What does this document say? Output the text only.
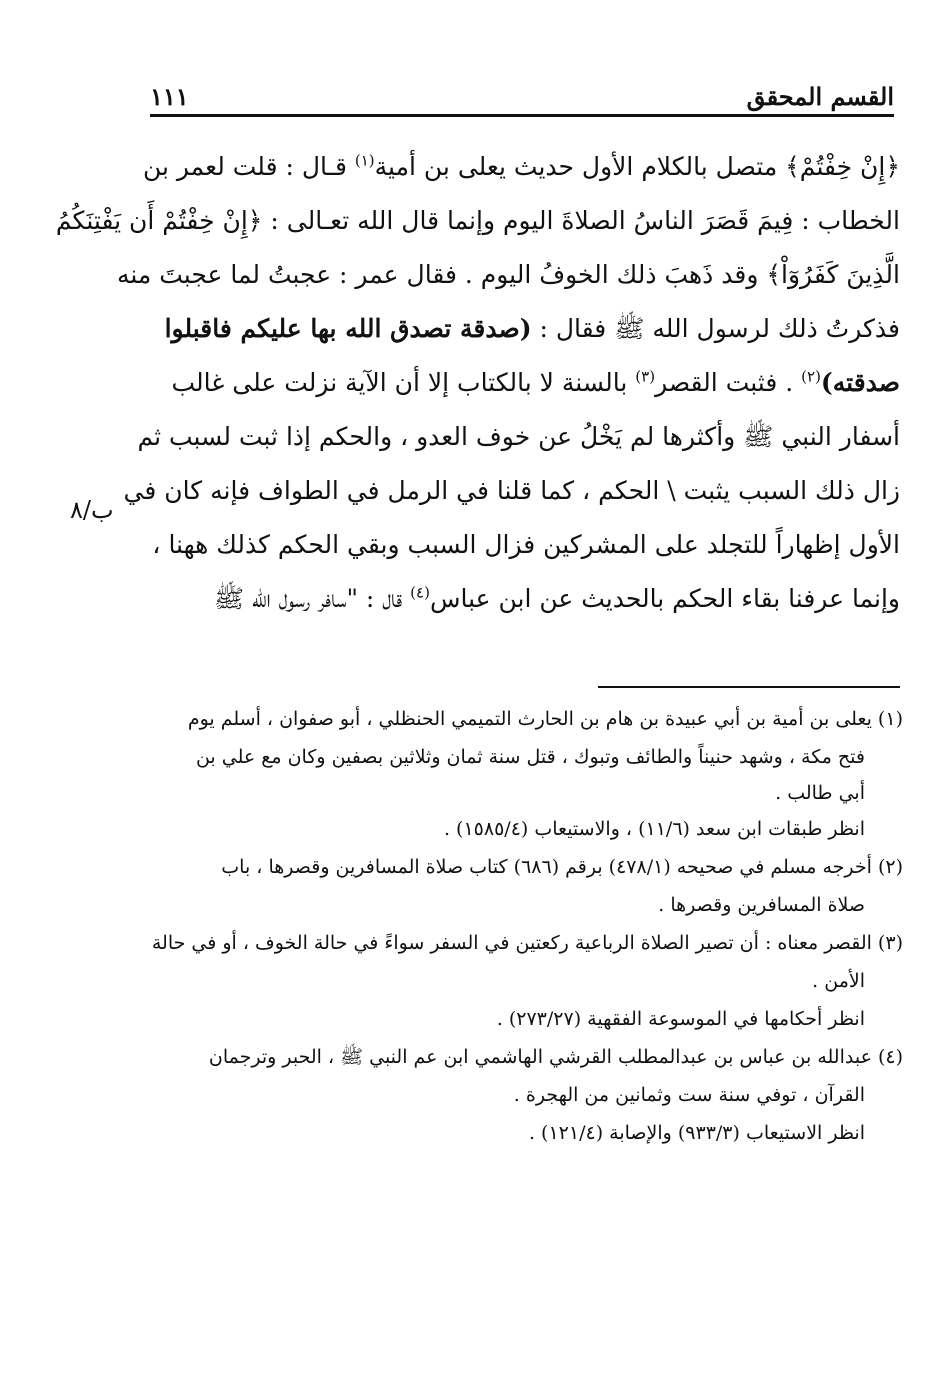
القسم المحقق
١١١
ب/٨
﴿إِنْ خِفْتُمْ﴾ متصل بالكلام الأول حديث يعلى بن أمية$^{(١)}$ قـال : قلت لعمر بن
الخطاب : فِيمَ قَصَرَ الناسُ الصلاةَ اليوم وإنما قال الله تعـالى : ﴿إِنْ خِفْتُمْ أَن يَفْتِنَكُمُ
الَّذِينَ كَفَرُوٓاْ﴾ وقد ذَهبَ ذلك الخوفُ اليوم . فقال عمر : عجبتُ لما عجبتَ منه
فذكرتُ ذلك لرسول الله ﷺ فقال : (صدقة تصدق الله بها عليكم فاقبلوا
صدقته)$^{(٢)}$ . فثبت القصر$^{(٣)}$ بالسنة لا بالكتاب إلا أن الآية نزلت على غالب
أسفار النبي ﷺ وأكثرها لم يَخْلُ عن خوف العدو ، والحكم إذا ثبت لسبب ثم
زال ذلك السبب يثبت \ الحكم ، كما قلنا في الرمل في الطواف فإنه كان في
الأول إظهاراً للتجلد على المشركين فزال السبب وبقي الحكم كذلك ههنا ،
وإنما عرفنا بقاء الحكم بالحديث عن ابن عباس$^{(٤)}$ قال : "سافر رسول الله ﷺ
(١) يعلى بن أمية بن أبي عبيدة بن هام بن الحارث التميمي الحنظلي ، أبو صفوان ، أسلم يوم
فتح مكة ، وشهد حنيناً والطائف وتبوك ، قتل سنة ثمان وثلاثين بصفين وكان مع علي بن
أبي طالب .
انظر طبقات ابن سعد (١١/٦) ، والاستيعاب (١٥٨٥/٤) .
(٢) أخرجه مسلم في صحيحه (٤٧٨/١) برقم (٦٨٦) كتاب صلاة المسافرين وقصرها ، باب
صلاة المسافرين وقصرها .
(٣) القصر معناه : أن تصير الصلاة الرباعية ركعتين في السفر سواءً في حالة الخوف ، أو في حالة
الأمن .
انظر أحكامها في الموسوعة الفقهية (٢٧٣/٢٧) .
(٤) عبدالله بن عباس بن عبدالمطلب القرشي الهاشمي ابن عم النبي ﷺ ، الحبر وترجمان
القرآن ، توفي سنة ست وثمانين من الهجرة .
انظر الاستيعاب (٩٣٣/٣) والإصابة (١٢١/٤) .
